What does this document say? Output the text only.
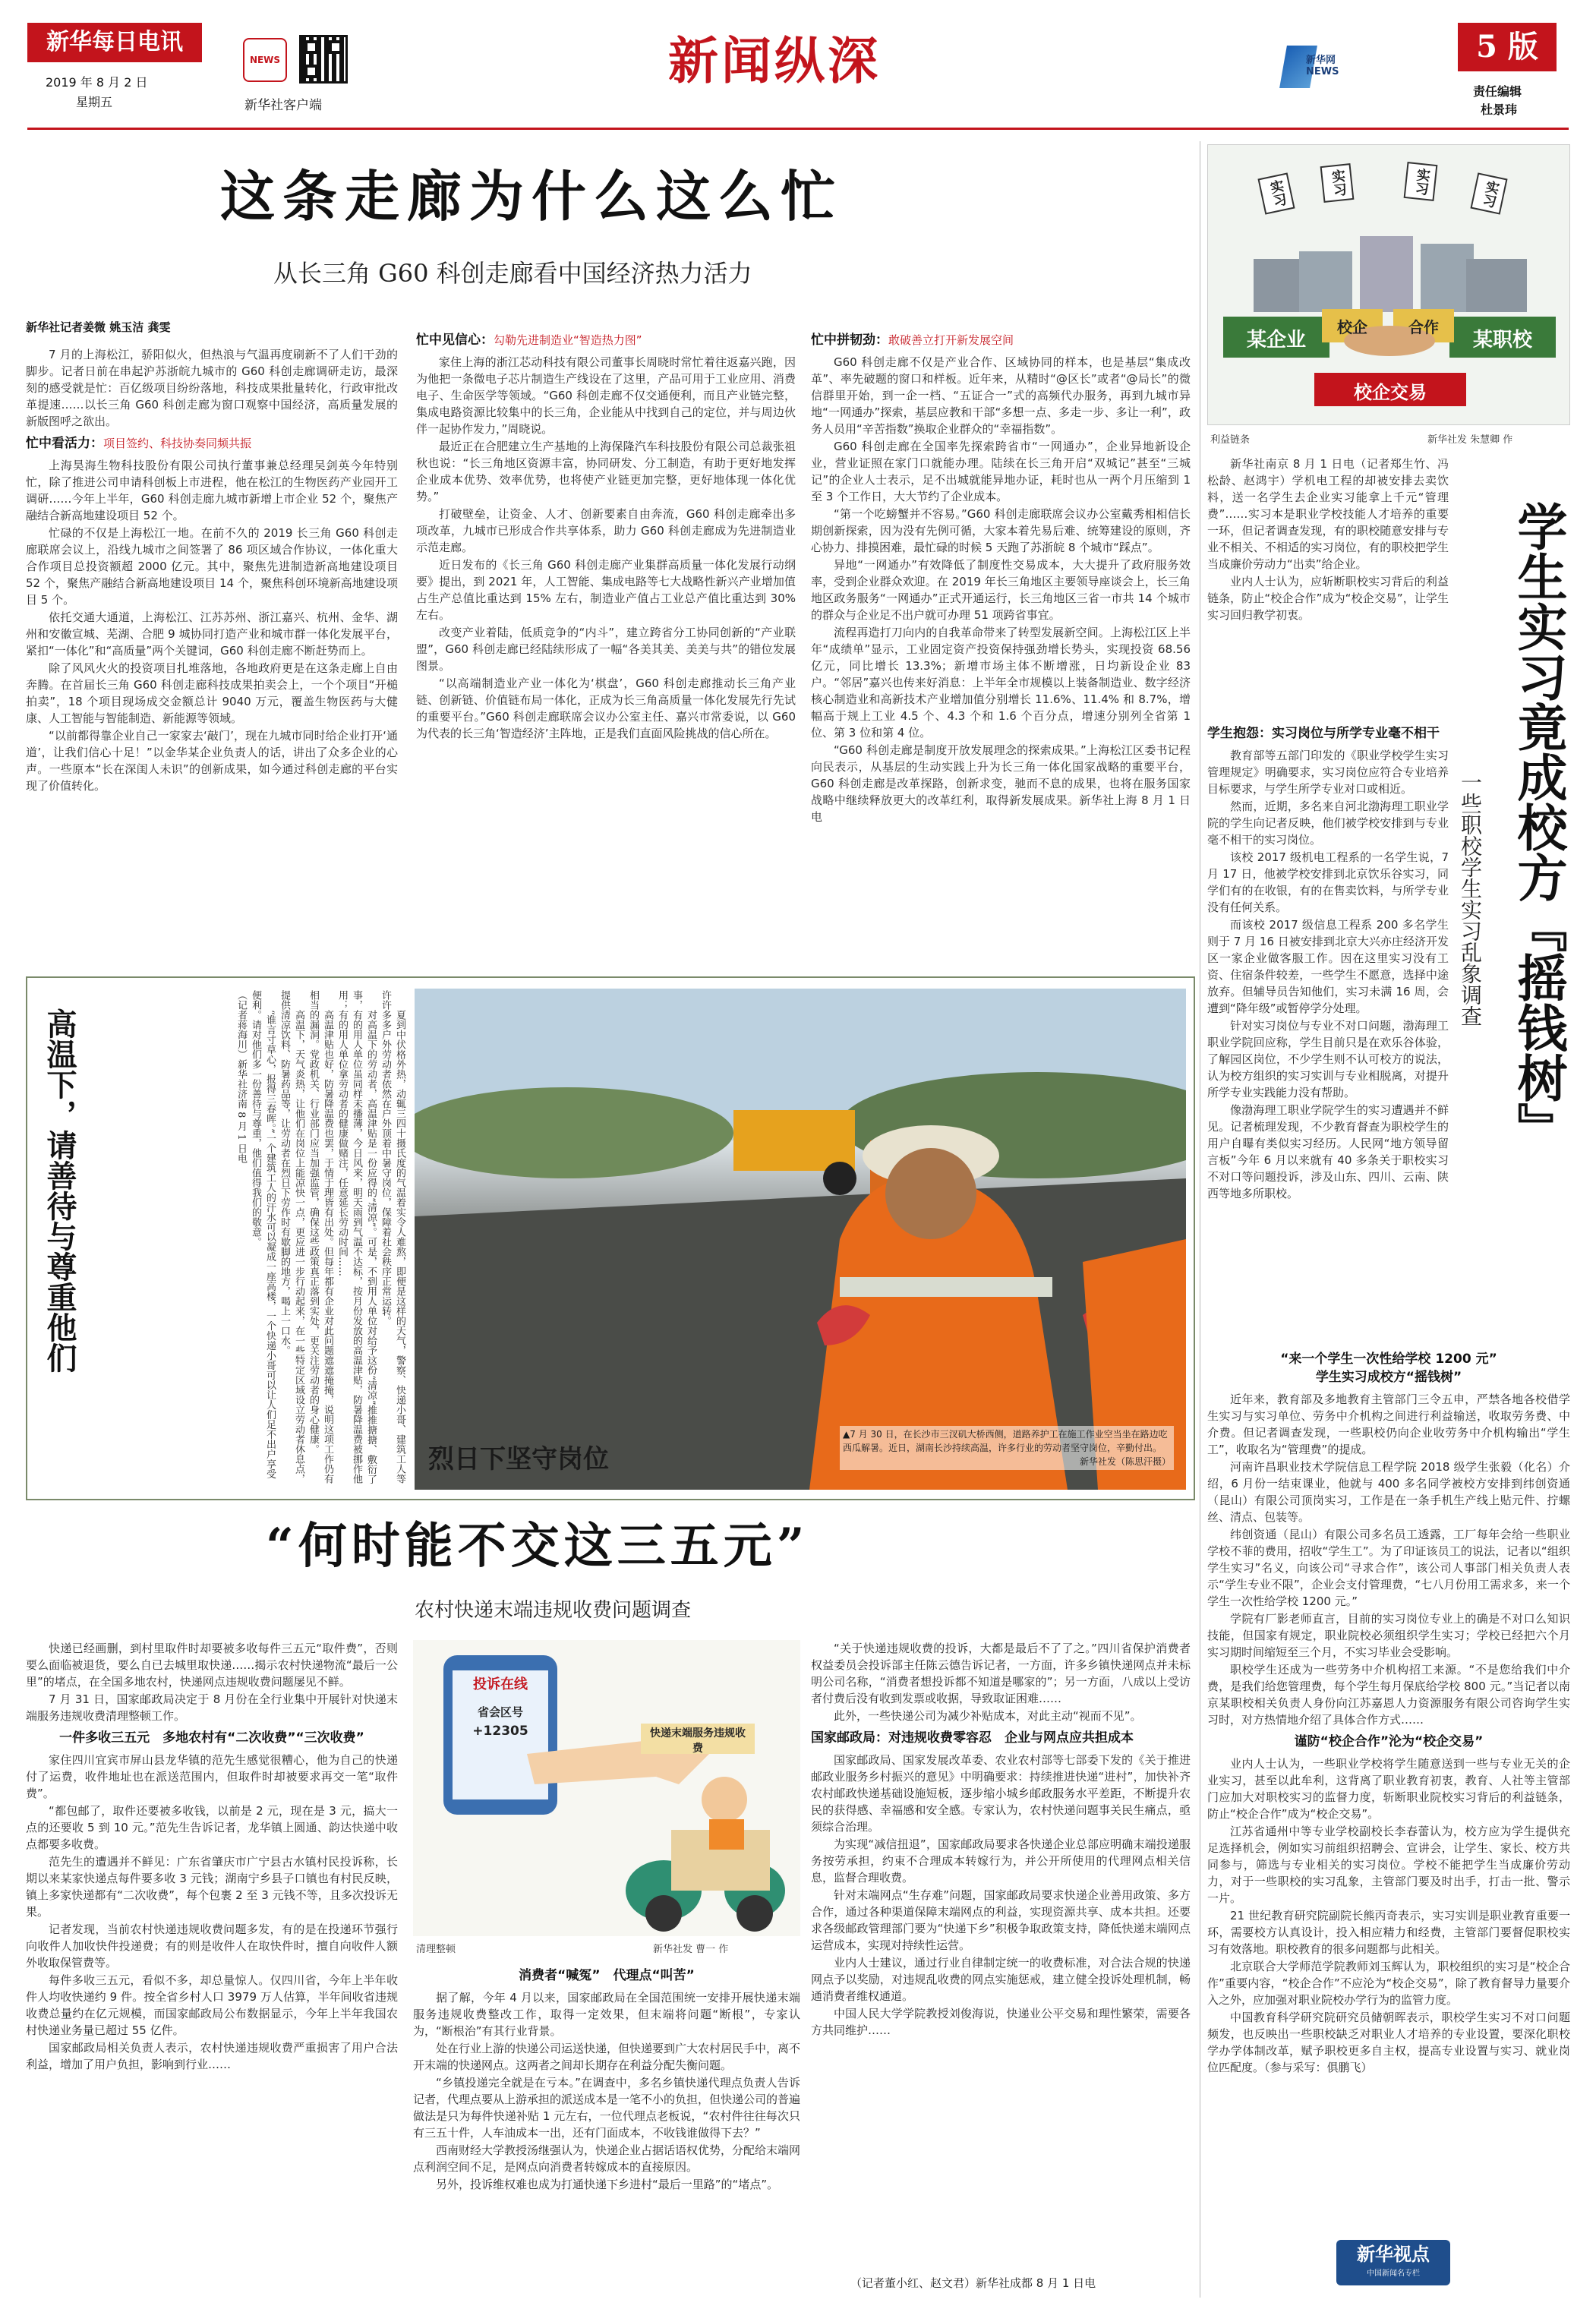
新华每日电讯
2019 年 8 月 2 日
星期五
NEWS
新华社客户端
新闻纵深	新华网 NEWS
5 版
责任编辑
杜景玮
这条走廊为什么这么忙
从长三角 G60 科创走廊看中国经济热力活力
新华社记者姜微 姚玉洁 龚雯

7 月的上海松江，骄阳似火，但热浪与气温再度刷新不了人们干劲的脚步。记者日前在串起沪苏浙皖九城市的 G60 科创走廊调研走访，最深刻的感受就是忙：百亿级项目纷纷落地，科技成果批量转化，行政审批改革提速……以长三角 G60 科创走廊为窗口观察中国经济，高质量发展的新版图呼之欲出。

忙中看活力：项目签约、科技协奏同频共振

上海昊海生物科技股份有限公司执行董事兼总经理吴剑英今年特别忙，除了推进公司申请科创板上市进程，他在松江的生物医药产业园开工调研……今年上半年，G60 科创走廊九城市新增上市企业 52 个，聚焦产融结合新高地建设项目 52 个。

忙碌的不仅是上海松江一地。在前不久的 2019 长三角 G60 科创走廊联席会议上，沿线九城市之间签署了 86 项区域合作协议，一体化重大合作项目总投资额超 2000 亿元。其中，聚焦先进制造新高地建设项目 52 个，聚焦产融结合新高地建设项目 14 个，聚焦科创环境新高地建设项目 5 个。

依托交通大通道，上海松江、江苏苏州、浙江嘉兴、杭州、金华、湖州和安徽宣城、芜湖、合肥 9 城协同打造产业和城市群一体化发展平台，紧扣“一体化”和“高质量”两个关键词，G60 科创走廊不断赶势而上。

除了风风火火的投资项目扎堆落地，各地政府更是在这条走廊上自由奔腾。在首届长三角 G60 科创走廊科技成果拍卖会上，一个个项目“开槌拍卖”，18 个项目现场成交金额总计 9040 万元，覆盖生物医药与大健康、人工智能与智能制造、新能源等领域。

“以前都得靠企业自己一家家去‘敲门’，现在九城市同时给企业打开‘通道’，让我们信心十足！”以金华某企业负责人的话，讲出了众多企业的心声。一些原本“长在深闺人未识”的创新成果，如今通过科创走廊的平台实现了价值转化。

忙中见信心：勾勒先进制造业“智造热力图”

家住上海的浙江芯动科技有限公司董事长周晓时常忙着往返嘉兴跑，因为他把一条微电子芯片制造生产线设在了这里，产品可用于工业应用、消费电子、生命医学等领域。“G60 科创走廊不仅交通便利，而且产业链完整，集成电路资源比较集中的长三角，企业能从中找到自己的定位，并与周边伙伴一起协作发力，”周晓说。

最近正在合肥建立生产基地的上海保隆汽车科技股份有限公司总裁张祖秋也说：“长三角地区资源丰富，协同研发、分工制造，有助于更好地发挥企业成本优势、效率优势，也将使产业链更加完整，更好地体现一体化优势。”

打破壁垒，让资金、人才、创新要素自由奔流，G60 科创走廊牵出多项改革，九城市已形成合作共享体系，助力 G60 科创走廊成为先进制造业示范走廊。

近日发布的《长三角 G60 科创走廊产业集群高质量一体化发展行动纲要》提出，到 2021 年，人工智能、集成电路等七大战略性新兴产业增加值占生产总值比重达到 15% 左右，制造业产值占工业总产值比重达到 30% 左右。

改变产业着陆，低质竞争的“内斗”，建立跨省分工协同创新的“产业联盟”，G60 科创走廊已经陆续形成了一幅“各美其美、美美与共”的错位发展图景。

“以高端制造业产业一体化为‘棋盘’，G60 科创走廊推动长三角产业链、创新链、价值链布局一体化，正成为长三角高质量一体化发展先行先试的重要平台。”G60 科创走廊联席会议办公室主任、嘉兴市常委说，以 G60 为代表的长三角‘智造经济’主阵地，正是我们直面风险挑战的信心所在。

忙中拼韧劲：敢破善立打开新发展空间

G60 科创走廊不仅是产业合作、区域协同的样本，也是基层“集成改革”、率先破题的窗口和样板。近年来，从精时“@区长”或者“@局长”的微信群里开始，到一企一档、“五证合一”式的高频代办服务，再到九城市异地“一网通办”探索，基层应教和干部“多想一点、多走一步、多让一利”，政务人员用“辛苦指数”换取企业群众的“幸福指数”。

G60 科创走廊在全国率先探索跨省市“一网通办”，企业异地新设企业，营业证照在家门口就能办理。陆续在长三角开启“双城记”甚至“三城记”的企业人士表示，足不出城就能异地办证，耗时也从一两个月压缩到 1 至 3 个工作日，大大节约了企业成本。

“第一个吃螃蟹并不容易。”G60 科创走廊联席会议办公室戴秀相相信长期创新探索，因为没有先例可循，大家本着先易后难、统筹建设的原则，齐心协力、排摸困难，最忙碌的时候 5 天跑了苏浙皖 8 个城市“踩点”。

异地“一网通办”有效降低了制度性交易成本，大大提升了政府服务效率，受到企业群众欢迎。在 2019 年长三角地区主要领导座谈会上，长三角地区政务服务“一网通办”正式开通运行，长三角地区三省一市共 14 个城市的群众与企业足不出户就可办理 51 项跨省事宜。

流程再造打刀向内的自我革命带来了转型发展新空间。上海松江区上半年“成绩单”显示，工业固定资产投资保持强劲增长势头，实现投资 68.56 亿元，同比增长 13.3%；新增市场主体不断增涨，日均新设企业 83 户。“邻居”嘉兴也传来好消息：上半年全市规模以上装备制造业、数字经济核心制造业和高新技术产业增加值分别增长 11.6%、11.4% 和 8.7%，增幅高于规上工业 4.5 个、4.3 个和 1.6 个百分点，增速分别列全省第 1 位、第 3 位和第 4 位。

“G60 科创走廊是制度开放发展理念的探索成果。”上海松江区委书记程向民表示，从基层的生动实践上升为长三角一体化国家战略的重要平台，G60 科创走廊是改革探路，创新求变，驰而不息的成果，也将在服务国家战略中继续释放更大的改革红利，取得新发展成果。新华社上海 8 月 1 日电

实习	实习	实习	实习
某企业	某职校
校企	合作
校企交易
利益链条	新华社发 朱慧卿 作

新华社南京 8 月 1 日电（记者郑生竹、冯松龄、赵鸿宇）学机电工程的却被安排去卖饮料，送一名学生去企业实习能拿上千元“管理费”……实习本是职业学校技能人才培养的重要一环，但记者调查发现，有的职校随意安排与专业不相关、不相适的实习岗位，有的职校把学生当成廉价劳动力“出卖”给企业。

业内人士认为，应斩断职校实习背后的利益链条，防止“校企合作”成为“校企交易”，让学生实习回归教学初衷。	学生实习竟成校方『摇钱树』
一些职校学生实习乱象调查
学生抱怨：实习岗位与所学专业毫不相干

教育部等五部门印发的《职业学校学生实习管理规定》明确要求，实习岗位应符合专业培养目标要求，与学生所学专业对口或相近。

然而，近期，多名来自河北渤海理工职业学院的学生向记者反映，他们被学校安排到与专业毫不相干的实习岗位。

该校 2017 级机电工程系的一名学生说，7 月 17 日，他被学校安排到北京饮乐谷实习，同学们有的在收银，有的在售卖饮料，与所学专业没有任何关系。

而该校 2017 级信息工程系 200 多名学生则于 7 月 16 日被安排到北京大兴亦庄经济开发区一家企业做客服工作。因在这里实习没有工资、住宿条件较差，一些学生不愿意，选择中途放弃。但辅导员告知他们，实习未满 16 周，会遭到“降年级”或暂停学分处理。

针对实习岗位与专业不对口问题，渤海理工职业学院回应称，学生目前只是在欢乐谷体验，了解园区岗位，不少学生则不认可校方的说法，认为校方组织的实习实训与专业相脱离，对提升所学专业实践能力没有帮助。

像渤海理工职业学院学生的实习遭遇并不鲜见。记者梳理发现，不少教育督查为职校学生的用户自曝有类似实习经历。人民网“地方领导留言板”今年 6 月以来就有 40 多条关于职校实习不对口等问题投诉，涉及山东、四川、云南、陕西等地多所职校。

“来一个学生一次性给学校 1200 元”
学生实习成校方“摇钱树”

近年来，教育部及多地教育主管部门三令五申，严禁各地各校借学生实习与实习单位、劳务中介机构之间进行利益输送，收取劳务费、中介费。但记者调查发现，一些职校仍向企业收劳务中介机构输出“学生工”，收取名为“管理费”的提成。

河南许昌职业技术学院信息工程学院 2018 级学生张毅（化名）介绍，6 月份一结束课业，他就与 400 多名同学被校方安排到纬创资通（昆山）有限公司顶岗实习，工作是在一条手机生产线上贴元件、拧螺丝、清点、包装等。

纬创资通（昆山）有限公司多名员工透露，工厂每年会给一些职业学校不菲的费用，招收“学生工”。为了印证该员工的说法，记者以“组织学生实习”名义，向该公司“寻求合作”，该公司人事部门相关负责人表示“学生专业不限”，企业会支付管理费，“七八月份用工需求多，来一个学生一次性给学校 1200 元。”

学院有厂影老师直言，目前的实习岗位专业上的确是不对口么知识技能，但国家有规定，职业院校必须组织学生实习；学校已经把六个月实习期时间缩短至三个月，不实习毕业会受影响。

职校学生还成为一些劳务中介机构招工来源。“不是您给我们中介费，是我们给您管理费，每个学生每月保底给学校 800 元。”当记者以南京某职校相关负责人身份向江苏嘉恩人力资源服务有限公司咨询学生实习时，对方热情地介绍了具体合作方式……

谨防“校企合作”沦为“校企交易”

业内人士认为，一些职业学校将学生随意送到一些与专业无关的企业实习，甚至以此牟利，这背离了职业教育初衷，教育、人社等主管部门应加大对职校实习的监督力度，斩断职业院校实习背后的利益链条，防止“校企合作”成为“校企交易”。

江苏省通州中等专业学校副校长李春蕾认为，校方应为学生提供充足选择机会，例如实习前组织招聘会、宣讲会，让学生、家长、校方共同参与，筛选与专业相关的实习岗位。学校不能把学生当成廉价劳动力，对于一些职校的实习乱象，主管部门要及时出手，打击一批、警示一片。

21 世纪教育研究院副院长熊丙奇表示，实习实训是职业教育重要一环，需要校方认真设计，投入相应精力和经费，主管部门要督促职校实习有效落地。职校教育的很多问题都与此相关。

北京联合大学师范学院教师刘玉辉认为，职校组织的实习是“校企合作”重要内容，“校企合作”不应沦为“校企交易”，除了教育督导力量要介入之外，应加强对职业院校办学行为的监管力度。

中国教育科学研究院研究员储朝晖表示，职校学生实习不对口问题频发，也反映出一些职校缺乏对职业人才培养的专业设置，要深化职校学办学体制改革，赋予职校更多自主权，提高专业设置与实习、就业岗位匹配度。（参与采写：俱鹏飞）

新华视点
中国新闻名专栏
高温下，请善待与尊重他们	夏到中伏格外热，动辄三四十摄氏度的气温着实令人难熬，即便是这样的天气，警察、快递小哥、建筑工人等许许多多户外劳动者依然在户外顶着中暑守岗位，保障着社会秩序正常运转。

对高温下的劳动者，高温津贴是一份应得的“清凉”。可是，不到用人单位对给予这份“清凉”推推搪搪、敷衍了事，有的用人单位虽同样未播薄，今日风来，明天雨到气温不达标，按月份发放的高温津贴，防暑降温费被挪作他用；有的用人单位拿劳动者的健康做赌注，任意延长劳动时间……

高温津贴也好，防暑降温费也罢，于情于理皆有出处。但每年都有企业对此问题遮遮掩掩，说明这项工作仍有相当的漏洞。党政机关、行业部门应当加强监管，确保这些政策真正落到实处，更关注劳动者的身心健康。

高温下，天气炎热，让他们在岗位上能凉快一点，更应进一步行动起来，在一些特定区域设立劳动者休息点，提供清凉饮料、防暑药品等，让劳动者在烈日下劳作时有歇脚的地方，喝上一口水。

“谁言寸草心，报得三春晖。”一个建筑工人的汗水可以凝成一座高楼，一个快递小哥可以让人们足不出户享受便利。请对他们多一份善待与尊重，他们值得我们的敬意。

（记者蒋海川）新华社济南 8 月 1 日电

烈日下坚守岗位
▲7 月 30 日，在长沙市三汊矶大桥西侧，道路养护工在施工作业空当坐在路边吃西瓜解暑。近日，湖南长沙持续高温，许多行业的劳动者坚守岗位，辛勤付出。
新华社发（陈思汗摄）
“何时能不交这三五元”
农村快递末端违规收费问题调查

快递已经画删，到村里取件时却要被多收每件三五元“取件费”，否则要么面临被退货，要么自已去城里取快递……揭示农村快递物流“最后一公里”的堵点，在全国多地农村，快递网点违规收费问题屡见不鲜。

7 月 31 日，国家邮政局决定于 8 月份在全行业集中开展针对快递末端服务违规收费清理整顿工作。

一件多收三五元　多地农村有“二次收费”“三次收费”

家住四川宜宾市屏山县龙华镇的范先生感觉很糟心，他为自己的快递付了运费，收件地址也在派送范围内，但取件时却被要求再交一笔“取件费”。

“都包邮了，取件还要被多收钱，以前是 2 元，现在是 3 元，搞大一点的还要收 5 到 10 元。”范先生告诉记者，龙华镇上圆通、韵达快递中收点都要多收费。

范先生的遭遇并不鲜见：广东省肇庆市广宁县古水镇村民投诉称，长期以来某家快递点每件要多收 3 元钱；湖南宁乡县子口镇也有村民反映，镇上多家快递都有“二次收费”，每个包裹 2 至 3 元钱不等，且多次投诉无果。

记者发现，当前农村快递违规收费问题多发，有的是在投递环节强行向收件人加收快件投递费；有的则是收件人在取快件时，擅自向收件人额外收取保管费等。

每件多收三五元，看似不多，却总量惊人。仅四川省，今年上半年收件人均收快递约 9 件。按全省乡村人口 3979 万人估算，半年间收省违规收费总量约在亿元规模，而国家邮政局公布数据显示，今年上半年我国农村快递业务量已超过 55 亿件。

国家邮政局相关负责人表示，农村快递违规收费严重损害了用户合法利益，增加了用户负担，影响到行业……

投诉在线
省会区号
+12305	快递末端服务违规收费
清理整顿	新华社发 曹一 作
消费者“喊冤”　代理点“叫苦”

据了解，今年 4 月以来，国家邮政局在全国范围统一安排开展快递末端服务违规收费整改工作，取得一定效果，但末端将问题“断根”，专家认为，“断根治”有其行业背景。

处在行业上游的快递公司运送快递，但快递要到广大农村居民手中，离不开末端的快递网点。这两者之间却长期存在利益分配失衡问题。

“乡镇投递完全就是在亏本。”在调查中，多名乡镇快递代理点负责人告诉记者，代理点要从上游承担的派送成本是一笔不小的负担，但快递公司的普遍做法是只为每件快递补贴 1 元左右，一位代理点老板说，“农村件往往每次只有三五十件，人车油成本一出，还有门面成本，不收钱谁做得下去？”

西南财经大学教授汤继强认为，快递企业占据话语权优势，分配给末端网点利润空间不足，是网点向消费者转嫁成本的直接原因。

另外，投诉维权难也成为打通快递下乡进村“最后一里路”的“堵点”。

“关于快递违规收费的投诉，大都是最后不了了之。”四川省保护消费者权益委员会投诉部主任陈云德告诉记者，一方面，许多乡镇快递网点并未标明公司名称，“消费者想投诉都不知道是哪家的”；另一方面，八成以上受访者付费后没有收到发票或收据，导致取证困难……

此外，一些快递公司为减少补贴成本，对此主动“视而不见”。

国家邮政局：对违规收费零容忍　企业与网点应共担成本

国家邮政局、国家发展改革委、农业农村部等七部委下发的《关于推进邮政业服务乡村振兴的意见》中明确要求：持续推进快递“进村”，加快补齐农村邮政快递基础设施短板，逐步缩小城乡邮政服务水平差距，不断提升农民的获得感、幸福感和安全感。专家认为，农村快递问题事关民生痛点，亟须综合治理。

为实现“减信扭退”，国家邮政局要求各快递企业总部应明确末端投递服务按劳承担，约束不合理成本转嫁行为，并公开所使用的代理网点相关信息，监督合理收费。

针对末端网点“生存难”问题，国家邮政局要求快递企业善用政策、多方合作，通过各种渠道保障末端网点的利益，实现资源共享、成本共担。还要求各级邮政管理部门要为“快递下乡”积极争取政策支持，降低快递末端网点运营成本，实现对持续性运营。

业内人士建议，通过行业自律制定统一的收费标准，对合法合规的快递网点予以奖励，对违规乱收费的网点实施惩戒，建立健全投诉处理机制，畅通消费者维权通道。

中国人民大学学院教授刘俊海说，快递业公平交易和理性繁荣，需要各方共同维护……

（记者董小红、赵文君）新华社成都 8 月 1 日电
